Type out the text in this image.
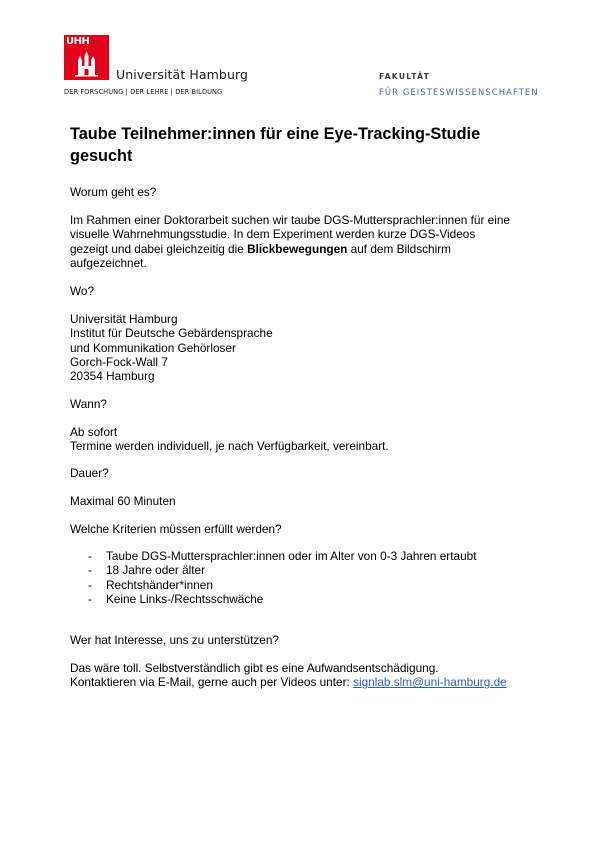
UHH
Universität Hamburg
DER FORSCHUNG | DER LEHRE | DER BILDUNG
FAKULTÄT
FÜR GEISTESWISSENSCHAFTEN
Taube Teilnehmer:innen für eine Eye-Tracking-Studie gesucht

Worum geht es?

Im Rahmen einer Doktorarbeit suchen wir taube DGS-Muttersprachler:innen für eine

visuelle Wahrnehmungsstudie. In dem Experiment werden kurze DGS-Videos

gezeigt und dabei gleichzeitig die Blickbewegungen auf dem Bildschirm

aufgezeichnet.

Wo?

Universität Hamburg

Institut für Deutsche Gebärdensprache

und Kommunikation Gehörloser

Gorch-Fock-Wall 7

20354 Hamburg

Wann?

Ab sofort

Termine werden individuell, je nach Verfügbarkeit, vereinbart.

Dauer?

Maximal 60 Minuten

Welche Kriterien müssen erfüllt werden?

- Taube DGS-Muttersprachler:innen oder im Alter von 0-3 Jahren ertaubt
- 18 Jahre oder älter
- Rechtshänder*innen
- Keine Links-/Rechtsschwäche

Wer hat Interesse, uns zu unterstützen?

Das wäre toll. Selbstverständlich gibt es eine Aufwandsentschädigung.

Kontaktieren via E-Mail, gerne auch per Videos unter: signlab.slm@uni-hamburg.de
